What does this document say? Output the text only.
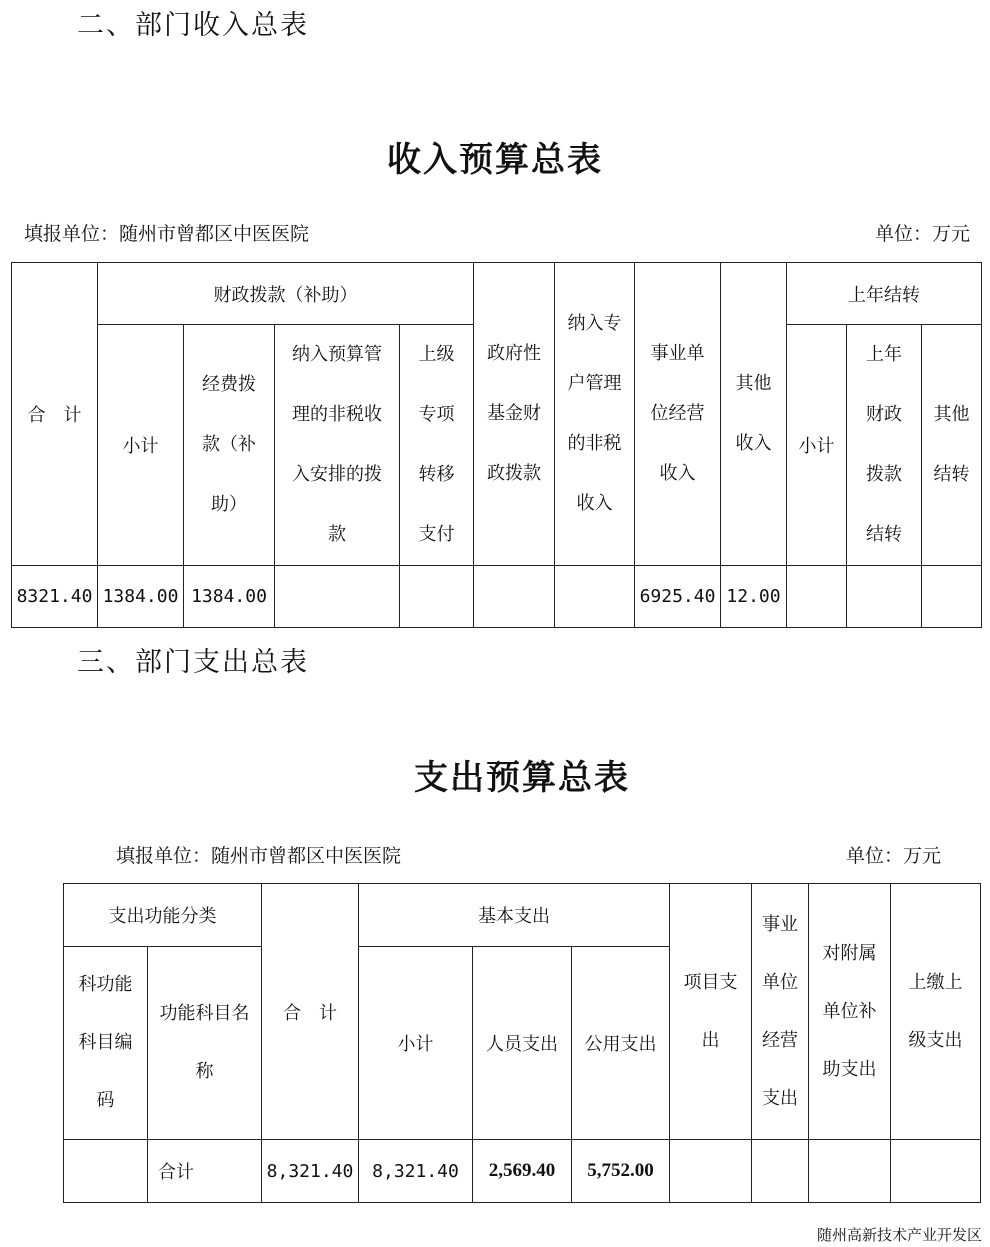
二、部门收入总表
收入预算总表
填报单位：随州市曾都区中医医院	单位：万元
合　计	财政拨款（补助）				政府性基金财政拨款	纳入专户管理的非税收入	事业单位经营收入	其他收入	上年结转		
	小计	经费拨款（补助）	纳入预算管理的非税收入安排的拨款	上级专项转移支付					小计	上年财政拨款结转	其他结转

8321.40	1384.00	1384.00					6925.40	12.00			
三、部门支出总表
支出预算总表
填报单位：随州市曾都区中医医院	单位：万元
支出功能分类		合　计	基本支出			项目支出	事业单位经营支出	对附属单位补助支出	上缴上级支出

科功能科目编码	功能科目名称		小计	人员支出	公用支出				
	合计	8,321.40	8,321.40	2,569.40	5,752.00				
随州高新技术产业开发区
